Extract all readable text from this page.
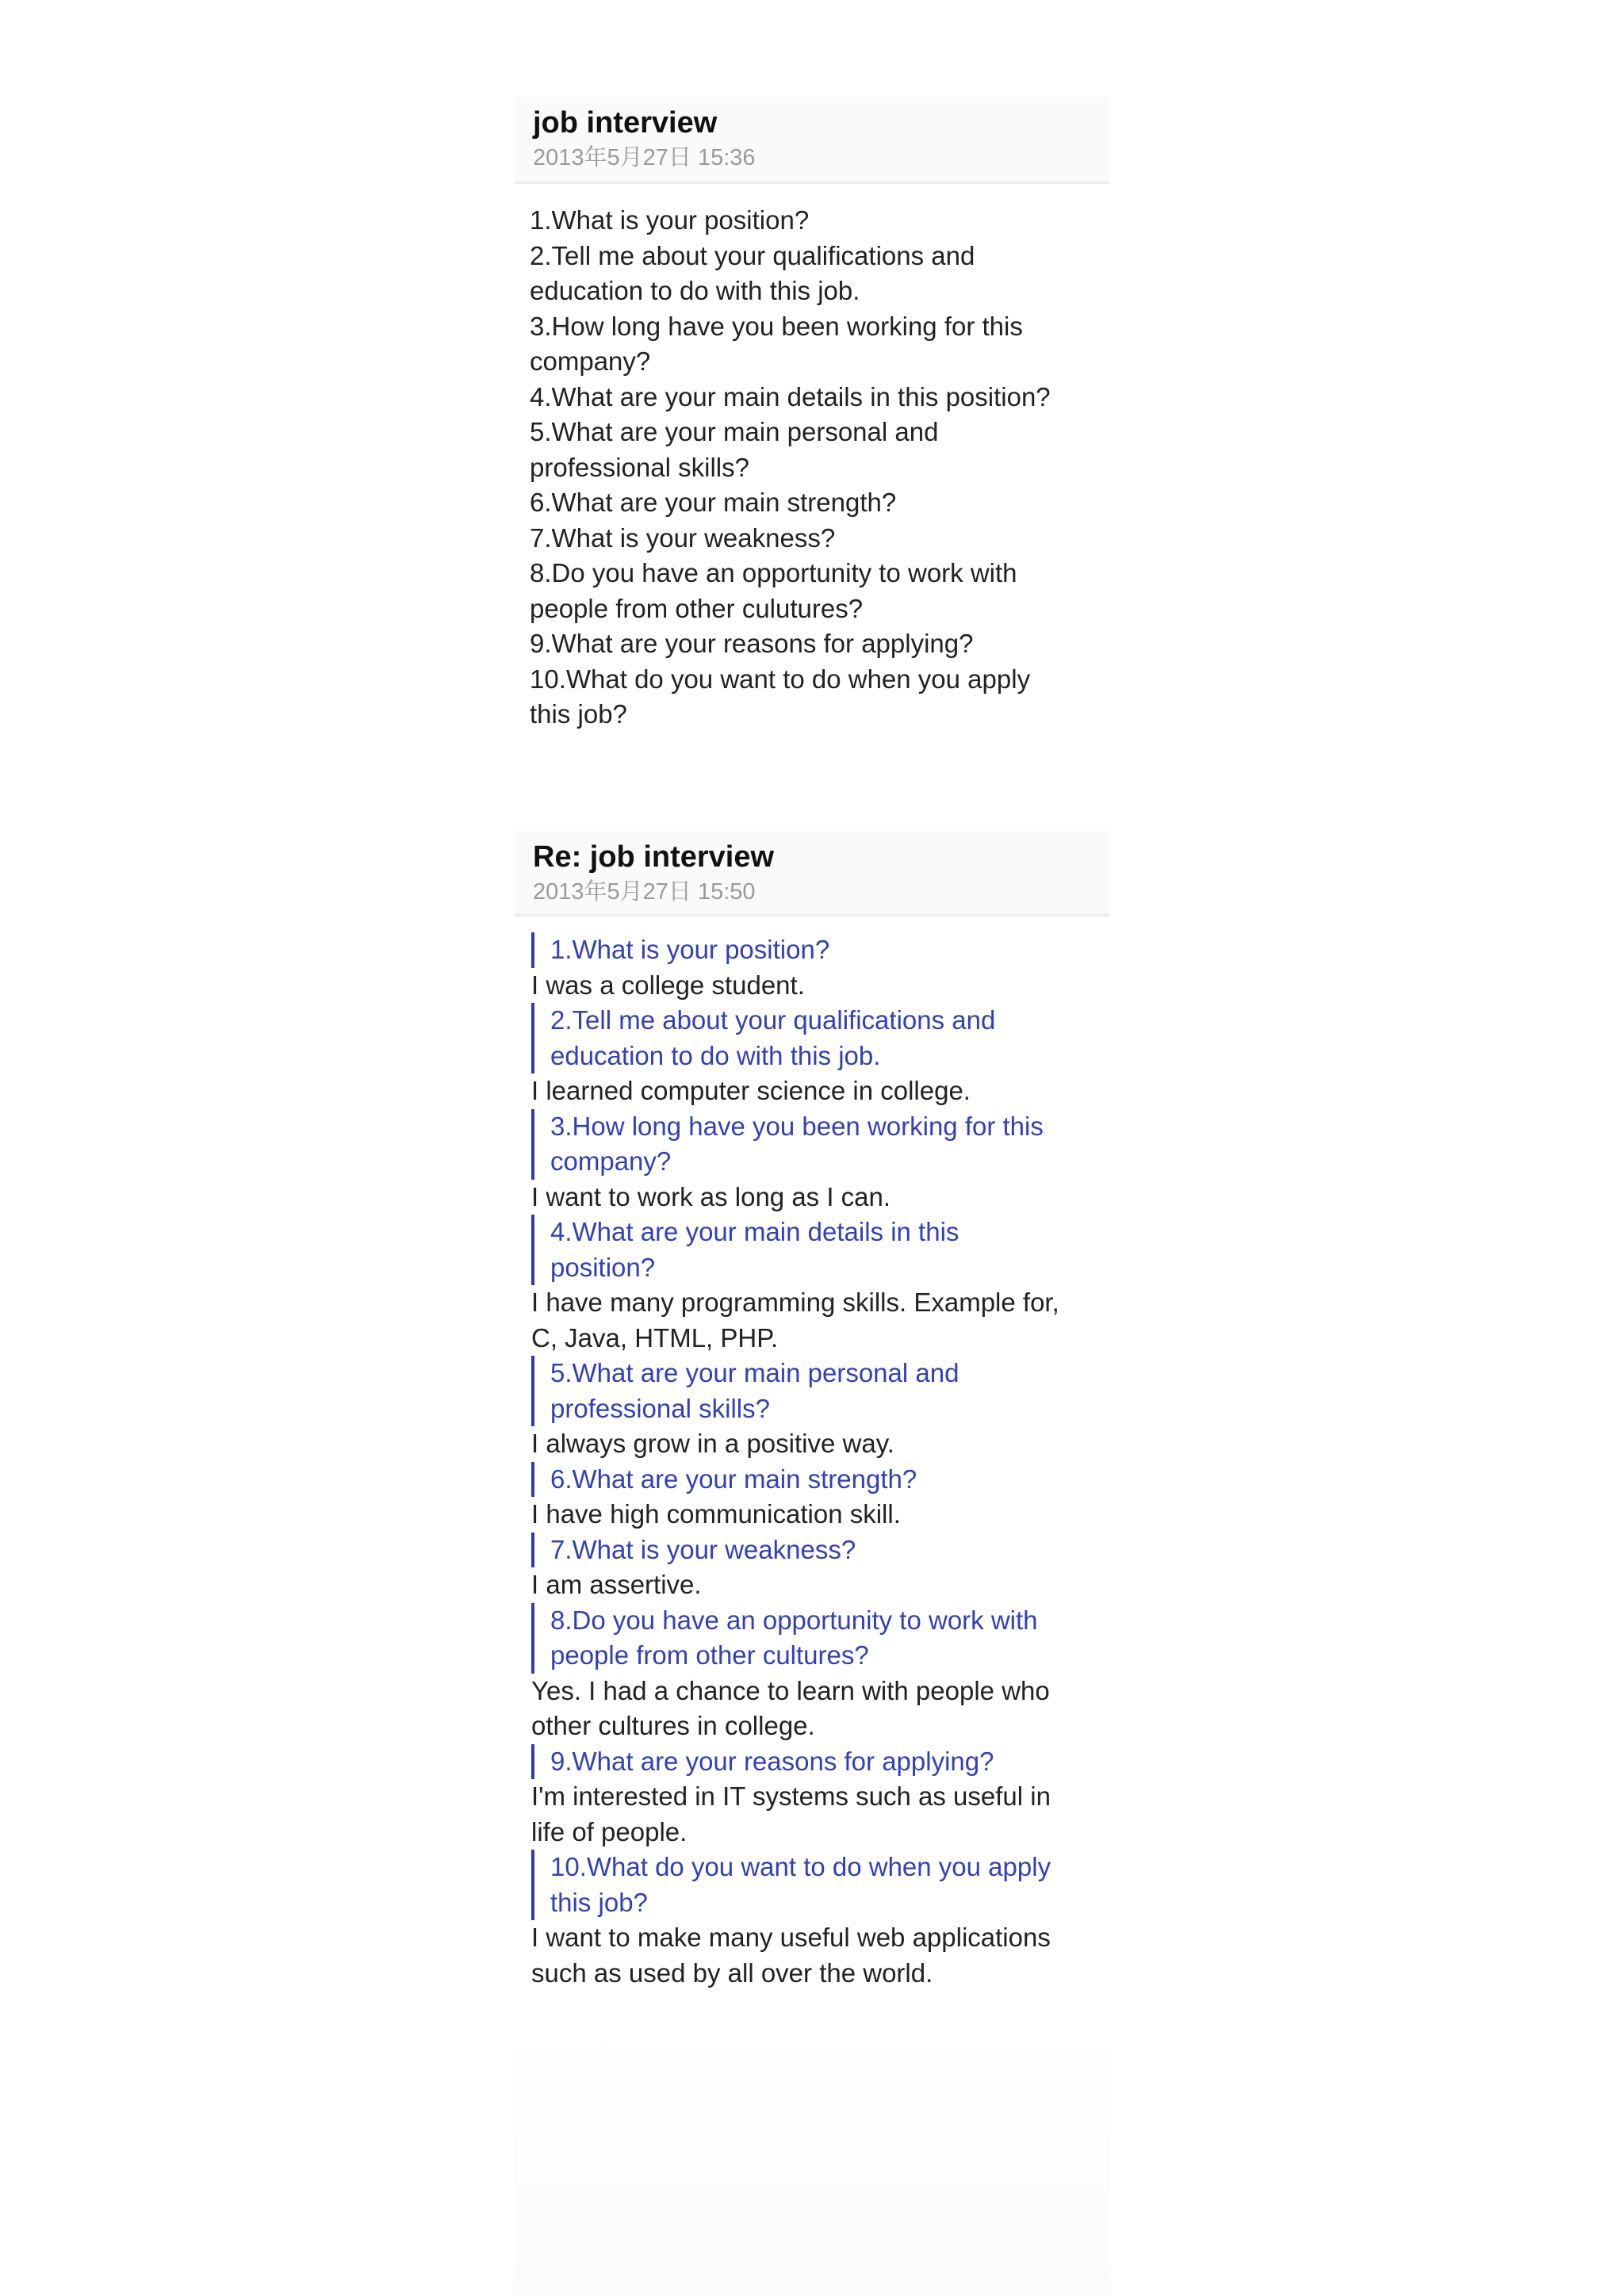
job interview
2013年5月27日 15:36
1.What is your position?
2.Tell me about your qualifications and
education to do with this job.
3.How long have you been working for this
company?
4.What are your main details in this position?
5.What are your main personal and
professional skills?
6.What are your main strength?
7.What is your weakness?
8.Do you have an opportunity to work with
people from other culutures?
9.What are your reasons for applying?
10.What do you want to do when you apply
this job?
Re: job interview
2013年5月27日 15:50
1.What is your position?
I was a college student.
2.Tell me about your qualifications and
education to do with this job.
I learned computer science in college.
3.How long have you been working for this
company?
I want to work as long as I can.
4.What are your main details in this
position?
I have many programming skills. Example for,
C, Java, HTML, PHP.
5.What are your main personal and
professional skills?
I always grow in a positive way.
6.What are your main strength?
I have high communication skill.
7.What is your weakness?
I am assertive.
8.Do you have an opportunity to work with
people from other cultures?
Yes. I had a chance to learn with people who
other cultures in college.
9.What are your reasons for applying?
I'm interested in IT systems such as useful in
life of people.
10.What do you want to do when you apply
this job?
I want to make many useful web applications
such as used by all over the world.
